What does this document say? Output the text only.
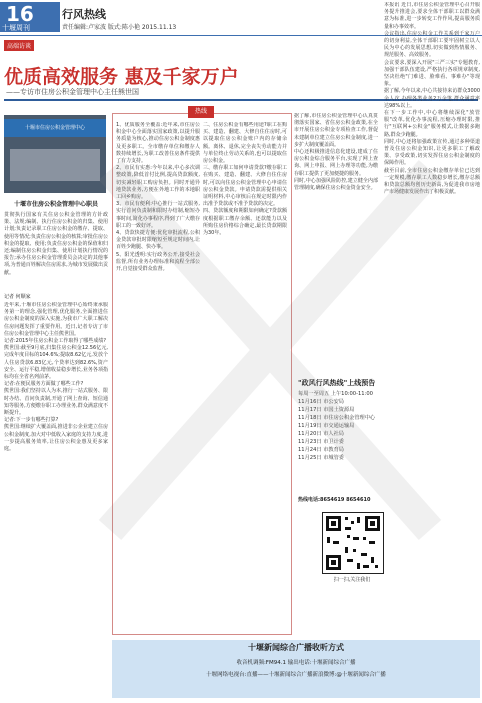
16
十堰周刊
行风热线
责任编辑:卢家波 版式:陈小艳 2015.11.13
高端访谈
优质高效服务 惠及千家万户
——专访市住房公积金管理中心主任熊世国
十堰市住房公积金管理中心
十堰市住房公积金管理中心职员
贯彻执行国家有关住房公积金管理的方针政策、法规;编制、执行住房公积金的归集、使用计划;负责记录职工住房公积金的缴存、提取、使用等情况;负责住房公积金的核算;审批住房公积金的提取、使用;负责住房公积金的保值和归还;编制住房公积金归集、使用计划执行情况的报告;承办住房公积金管理委员会决定的其他事项,为普通百姓解决住房需求,为城市发展做出贡献。
记者 何顺家
近年来,十堰市住房公积金管理中心始终秉承服务第一的理念,强化管理,优化服务,全面推进住房公积金制度的深入实施,为我市广大职工解决住房问题发挥了重要作用。近日,记者专访了市住房公积金管理中心主任熊世国。
记者:2015年住房公积金工作取得了哪些成绩?
熊世国:截至9月底,归集住房公积金12.56亿元,完成年度目标的104.6%;提取8.62亿元,发放个人住房贷款6.83亿元,个贷率达到82.6%,资产安全、运行平稳,增值收益稳步增长,业务各项指标均在全省名列前茅。
记者:在便民服务方面做了哪些工作?
熊世国:我们坚持以人为本,推行一站式服务、限时办结、首问负责制,开通了网上查询、短信通知等服务,方便缴存职工办理业务,群众满意度不断提升。
记者:下一步有哪些打算?
熊世国:继续扩大覆盖面,推进非公企业建立住房公积金制度,加大对中低收入家庭的支持力度,进一步提高服务效率,让住房公积金惠及更多家庭。
热线
1、优质服务全覆盖:近年来,市住房公积金中心全面落实国家政策,以提升服务质量为核心,推动住房公积金制度惠及更多职工。全市缴存单位和缴存人数持续增长,为职工改善住房条件提供了有力支持。
2、市民有实惠:今年以来,中心多次调整政策,降低首付比例,提高贷款额度,切实减轻职工购房负担。同时开通异地贷款业务,方便在外地工作的本地职工回乡购房。
3、市民有便利:中心推行一站式服务,实行首问负责制和限时办结制,缩短办事时间,简化办事程序,得到了广大缴存职工的一致好评。
4、贷款快捷方便:优化审批流程,公积金贷款审批时限缩短至规定时间内,让百姓少跑腿、快办事。
5、阳光透明:实行政务公开,接受社会监督,所有业务办理标准和流程全部公开,自觉接受群众监督。
二、住房公积金有哪些用途?职工在购买、建造、翻建、大修自住住房时,可以提取住房公积金账户内的存储余额。离休、退休,完全丧失劳动能力并与单位终止劳动关系的,也可以提取住房公积金。
三、缴存职工如何申请贷款?缴存职工在购买、建造、翻建、大修自住住房时,可以向住房公积金管理中心申请住房公积金贷款。申请贷款需提供相关证明材料,中心审核后在规定时限内作出准予贷款或不准予贷款的决定。
四、贷款额度和期限如何确定?贷款额度根据职工缴存余额、还款能力以及所购住房价格综合确定,最长贷款期限为30年。
据了解,市住房公积金管理中心认真贯彻落实国家、省住房公积金政策,在全市开展住房公积金专项检查工作,督促未建制单位建立住房公积金制度,进一步扩大制度覆盖面。
中心还积极推进信息化建设,建成了住房公积金综合服务平台,实现了网上查询、网上申报、网上办理等功能,为缴存职工提供了更加便捷的服务。
同时,中心加强风险防控,建立健全内部管理制度,确保住房公积金资金安全。
"政风行风热线"上线预告
每周一至周五 上午10:00-11:00
11月16日 市公安局
11月17日 市国土资源局
11月18日 市住房公积金管理中心
11月19日 市交通运输局
11月20日 市人社局
11月23日 市卫计委
11月24日 市教育局
11月25日 市城管委
热线电话:8654619 8654610
扫一扫,关注我们
本报讯 近日,市住房公积金管理中心召开服务提升推进会,要求全体干部职工以群众满意为标准,进一步转变工作作风,提高服务质量和办事效率。
会议指出,住房公积金工作关系到千家万户的切身利益,全体干部职工要牢固树立以人民为中心的发展思想,切实做到热情服务、规范服务、高效服务。
会议要求,要深入开展"三严三实"专题教育,加强干部队伍建设,严格执行各项规章制度,坚决杜绝"门难进、脸难看、事难办"等现象。
据了解,今年以来,中心共接待来访群众3000余人次,办理各类业务2万余笔,群众满意率达98%以上。
在下一步工作中,中心将继续深化"放管服"改革,优化办事流程,压缩办理时限,推行"互联网+公积金"服务模式,让数据多跑路,群众少跑腿。
同时,中心还将加强政策宣传,通过多种渠道普及住房公积金知识,让更多职工了解政策、享受政策,切实发挥住房公积金制度的保障作用。
截至目前,全市住房公积金缴存单位已达到一定规模,缴存职工人数稳步增长,缴存总额和贷款总额均创历史新高,为促进我市房地产市场健康发展作出了积极贡献。
十堰新闻综合广播收听方式
收音机调频:FM94.1 输出电话:十堰新闻综合广播
十堰网络电视台:直播——十堰新闻综合广播新浪微博:@十堰新闻综合广播
